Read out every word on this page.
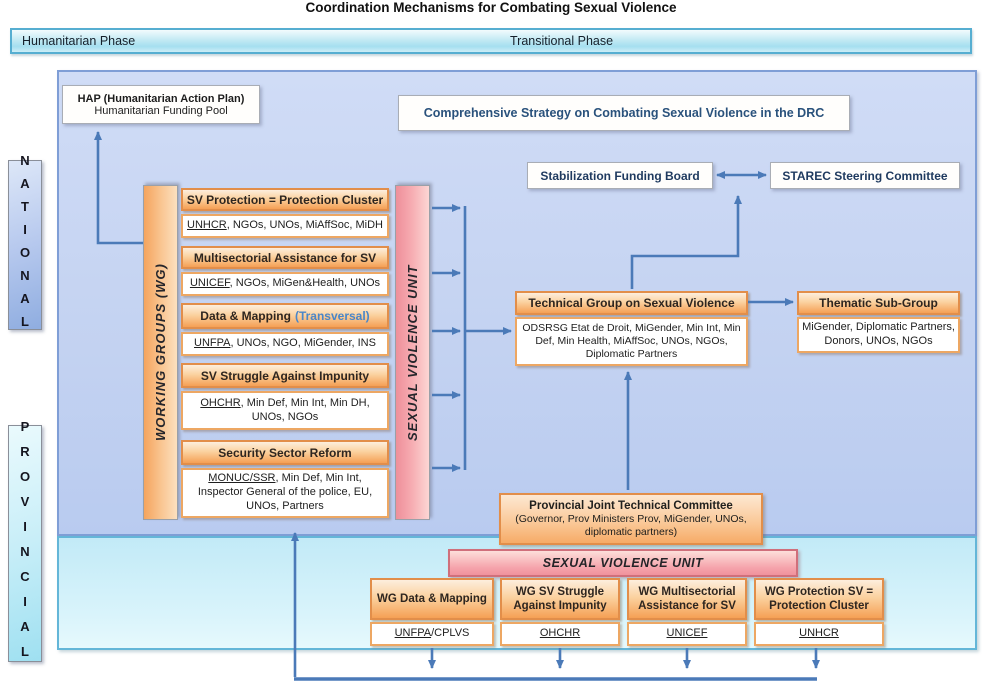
Coordination Mechanisms for Combating Sexual Violence
Humanitarian Phase	Transitional Phase
NATIONAL
PROVINCIAL
HAP (Humanitarian Action Plan)
Humanitarian Funding Pool	Comprehensive Strategy on Combating Sexual Violence in the DRC
Stabilization Funding Board	STAREC Steering Committee
WORKING GROUPS (WG)	SEXUAL VIOLENCE UNIT
SV Protection = Protection Cluster
UNHCR, NGOs, UNOs, MiAffSoc, MiDH
Multisectorial Assistance for SV
UNICEF, NGOs, MiGen&Health, UNOs
Data & Mapping (Transversal)
UNFPA, UNOs, NGO, MiGender, INS
SV Struggle Against Impunity
OHCHR, Min Def, Min Int, Min DH, UNOs, NGOs
Security Sector Reform
MONUC/SSR, Min Def, Min Int, Inspector General of the police, EU, UNOs, Partners
Technical Group on Sexual Violence
ODSRSG Etat de Droit, MiGender, Min Int, Min Def, Min Health, MiAffSoc, UNOs, NGOs, Diplomatic Partners
Thematic Sub-Group
MiGender, Diplomatic Partners, Donors, UNOs, NGOs
Provincial Joint Technical Committee
(Governor, Prov Ministers Prov, MiGender, UNOs, diplomatic partners)
SEXUAL VIOLENCE UNIT
WG Data & Mapping
UNFPA/CPLVS
WG SV Struggle Against Impunity
OHCHR
WG Multisectorial Assistance for SV
UNICEF
WG Protection SV = Protection Cluster
UNHCR
